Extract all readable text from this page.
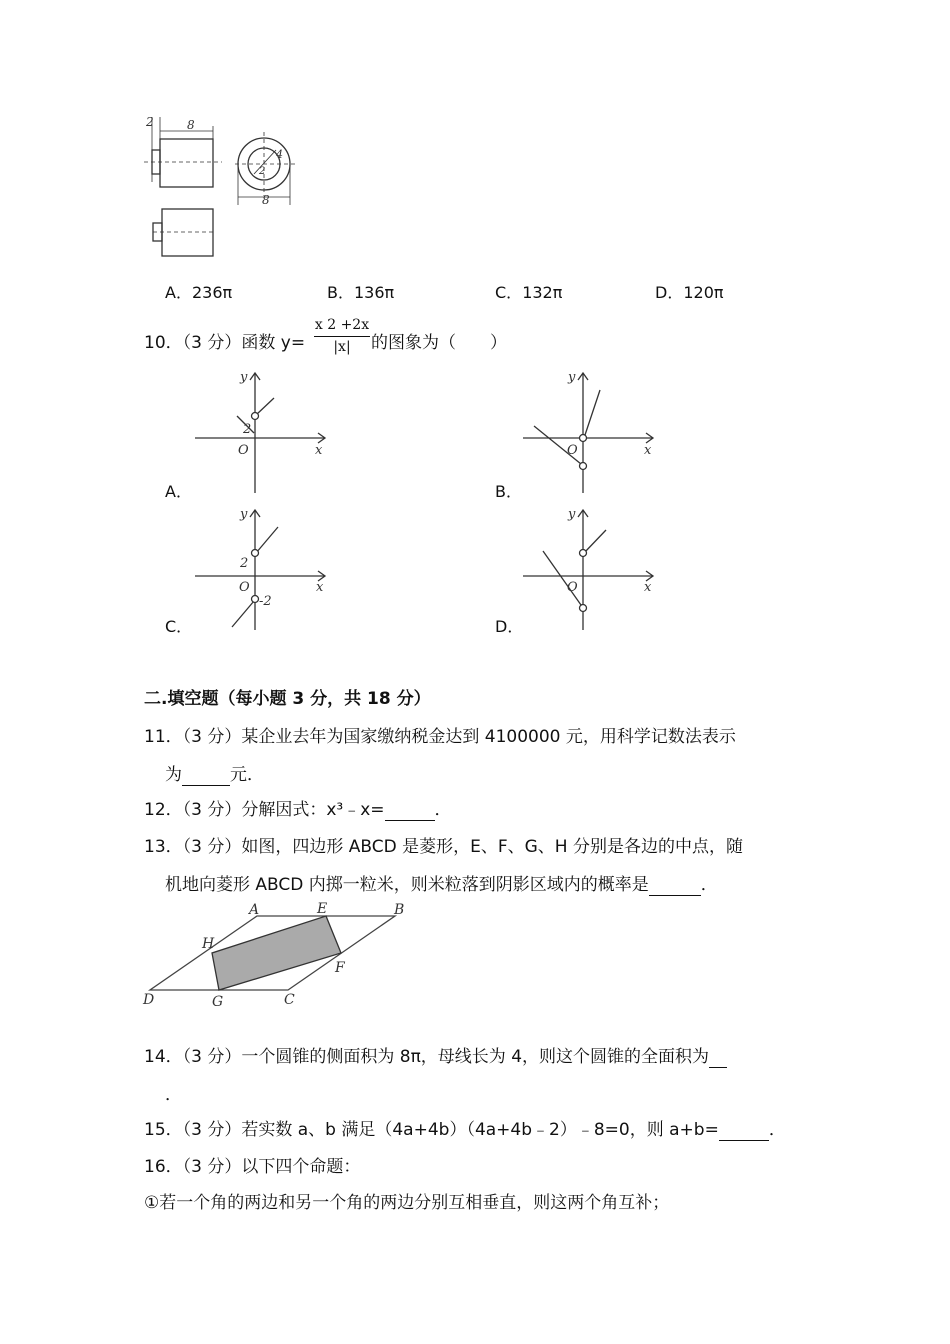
8
2
4
2
8
A．236π	B．136π	C．132π	D．120π
10．（3 分）函数 $y= \frac{x 2 +2x}{|x|}$ 的图象为（　　）
y
x
O
2
A．
y
x
O
B．
y
x
O
2
-2
C．
y
x
O
D．
二.填空题（每小题 3 分，共 18 分）
11．（3 分）某企业去年为国家缴纳税金达到 4100000 元，用科学记数法表示
为	元．
12．（3 分）分解因式：x³﹣x=	．
13．（3 分）如图，四边形 ABCD 是菱形，E、F、G、H 分别是各边的中点，随
机地向菱形 ABCD 内掷一粒米，则米粒落到阴影区域内的概率是	．
A	B
C
D
E
F
G
H
14．（3 分）一个圆锥的侧面积为 8π，母线长为 4，则这个圆锥的全面积为
．
15．（3 分）若实数 a、b 满足（4a+4b）（4a+4b﹣2）﹣8=0，则 a+b=	．
16．（3 分）以下四个命题：
①若一个角的两边和另一个角的两边分别互相垂直，则这两个角互补；
